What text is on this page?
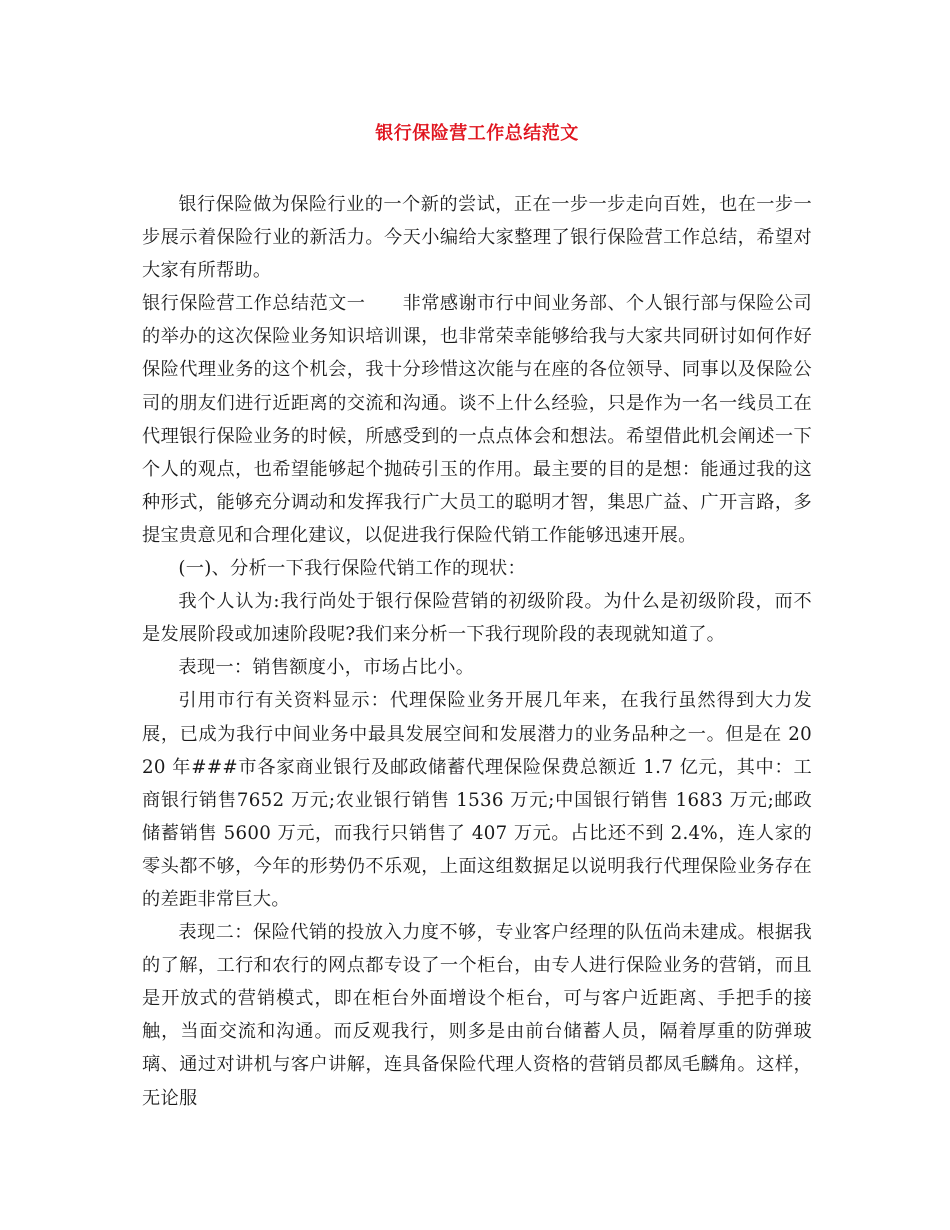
银行保险营工作总结范文

银行保险做为保险行业的一个新的尝试，正在一步一步走向百姓，也在一步一步展示着保险行业的新活力。今天小编给大家整理了银行保险营工作总结，希望对大家有所帮助。

银行保险营工作总结范文一　　非常感谢市行中间业务部、个人银行部与保险公司的举办的这次保险业务知识培训课，也非常荣幸能够给我与大家共同研讨如何作好保险代理业务的这个机会，我十分珍惜这次能与在座的各位领导、同事以及保险公司的朋友们进行近距离的交流和沟通。谈不上什么经验，只是作为一名一线员工在代理银行保险业务的时候，所感受到的一点点体会和想法。希望借此机会阐述一下个人的观点，也希望能够起个抛砖引玉的作用。最主要的目的是想：能通过我的这种形式，能够充分调动和发挥我行广大员工的聪明才智，集思广益、广开言路，多提宝贵意见和合理化建议，以促进我行保险代销工作能够迅速开展。

(一)、分析一下我行保险代销工作的现状：

我个人认为:我行尚处于银行保险营销的初级阶段。为什么是初级阶段，而不是发展阶段或加速阶段呢?我们来分析一下我行现阶段的表现就知道了。

表现一：销售额度小，市场占比小。

引用市行有关资料显示：代理保险业务开展几年来，在我行虽然得到大力发展，已成为我行中间业务中最具发展空间和发展潜力的业务品种之一。但是在 2020 年###市各家商业银行及邮政储蓄代理保险保费总额近 1.7 亿元，其中：工商银行销售7652 万元;农业银行销售 1536 万元;中国银行销售 1683 万元;邮政储蓄销售 5600 万元，而我行只销售了 407 万元。占比还不到 2.4%，连人家的零头都不够，今年的形势仍不乐观，上面这组数据足以说明我行代理保险业务存在的差距非常巨大。

表现二：保险代销的投放入力度不够，专业客户经理的队伍尚未建成。根据我的了解，工行和农行的网点都专设了一个柜台，由专人进行保险业务的营销，而且是开放式的营销模式，即在柜台外面增设个柜台，可与客户近距离、手把手的接触，当面交流和沟通。而反观我行，则多是由前台储蓄人员，隔着厚重的防弹玻璃、通过对讲机与客户讲解，连具备保险代理人资格的营销员都凤毛麟角。这样，无论服
